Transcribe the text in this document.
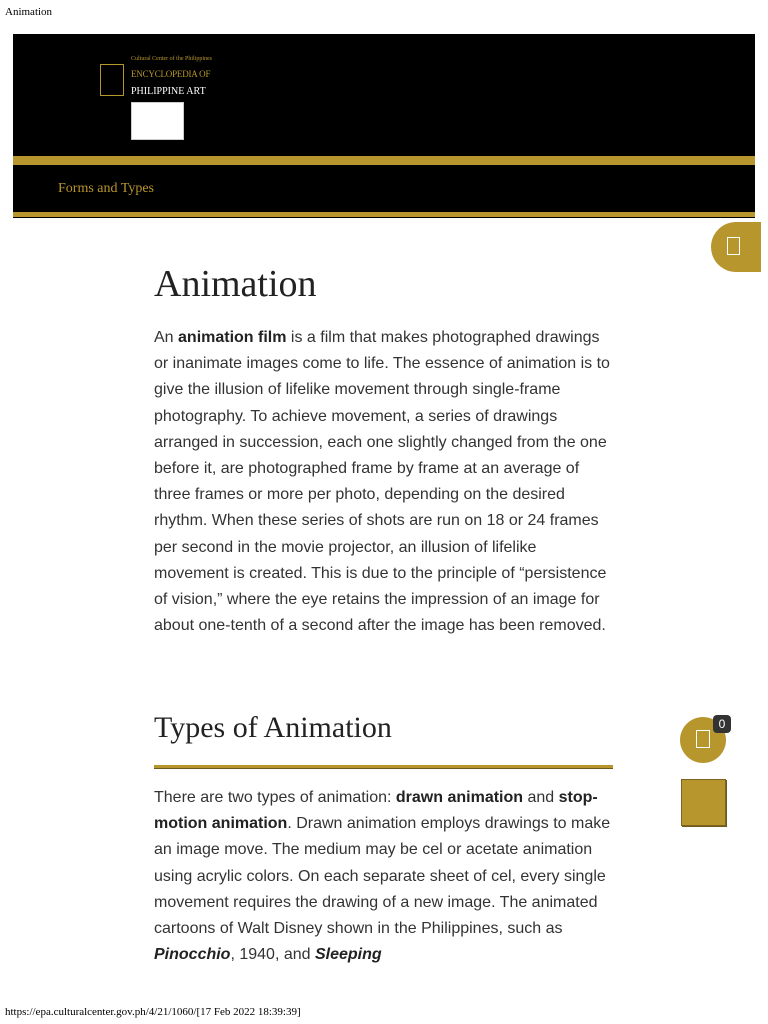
Animation
Cultural Center of the Philippines
ENCYCLOPEDIA OF
PHILIPPINE ART
Forms and Types
Animation

An animation film is a film that makes photographed drawings or inanimate images come to life. The essence of animation is to give the illusion of lifelike movement through single-frame photography. To achieve movement, a series of drawings arranged in succession, each one slightly changed from the one before it, are photographed frame by frame at an average of three frames or more per photo, depending on the desired rhythm. When these series of shots are run on 18 or 24 frames per second in the movie projector, an illusion of lifelike movement is created. This is due to the principle of “persistence of vision,” where the eye retains the impression of an image for about one-tenth of a second after the image has been removed.

Types of Animation

There are two types of animation: drawn animation and stop-motion animation. Drawn animation employs drawings to make an image move. The medium may be cel or acetate animation using acrylic colors. On each separate sheet of cel, every single movement requires the drawing of a new image. The animated cartoons of Walt Disney shown in the Philippines, such as Pinocchio, 1940, and Sleeping

0
https://epa.culturalcenter.gov.ph/4/21/1060/[17 Feb 2022 18:39:39]
